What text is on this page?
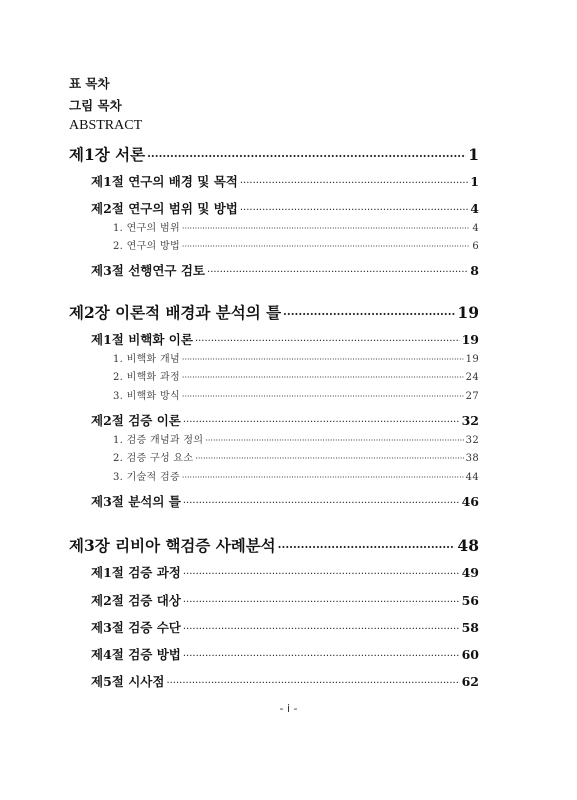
표 목차
그림 목차
ABSTRACT
제1장 서론 ·····	1
제1절 연구의 배경 및 목적 ·····	1
제2절 연구의 범위 및 방법 ·····	4
1. 연구의 범위 ·····	4
2. 연구의 방법 ·····	6
제3절 선행연구 검토 ·····	8
제2장 이론적 배경과 분석의 틀 ·····	19
제1절 비핵화 이론 ·····	19
1. 비핵화 개념 ·····	19
2. 비핵화 과정 ·····	24
3. 비핵화 방식 ·····	27
제2절 검증 이론 ·····	32
1. 검증 개념과 정의 ·····	32
2. 검증 구성 요소 ·····	38
3. 기술적 검증 ·····	44
제3절 분석의 틀 ·····	46
제3장 리비아 핵검증 사례분석 ·····	48
제1절 검증 과정 ·····	49
제2절 검증 대상 ·····	56
제3절 검증 수단 ·····	58
제4절 검증 방법 ·····	60
제5절 시사점 ·····	62
- i -
